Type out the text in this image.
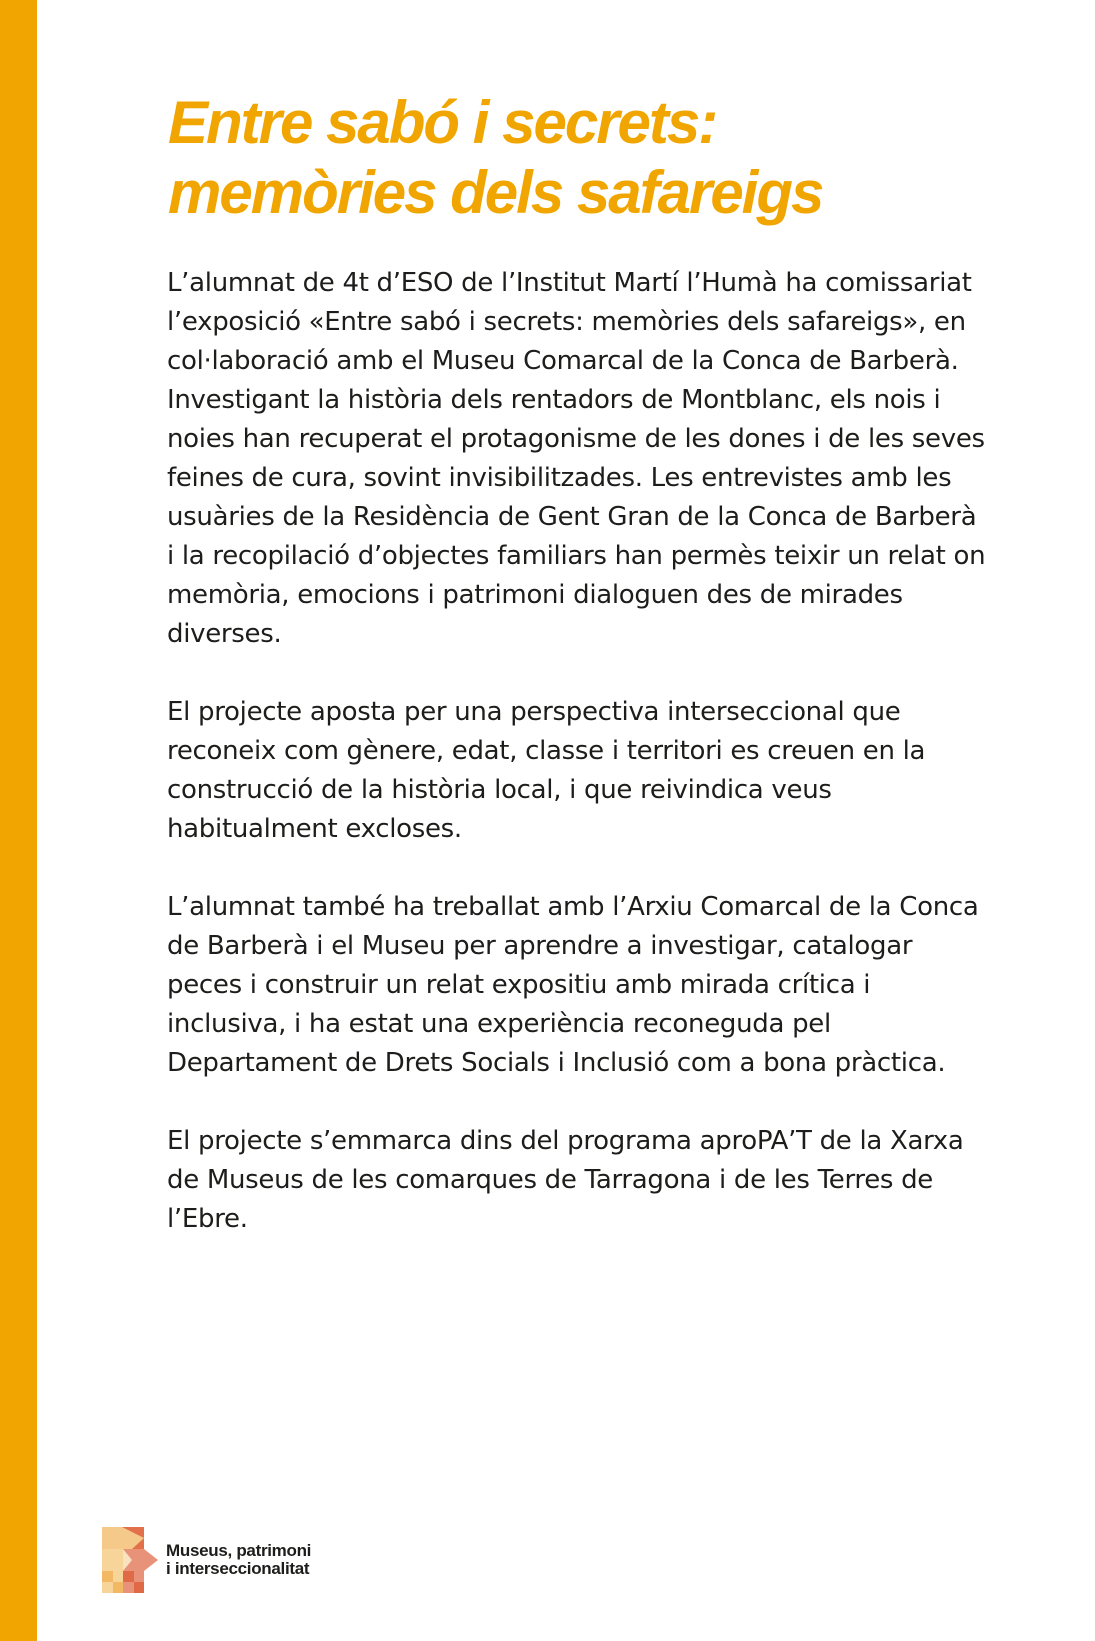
Entre sabó i secrets:
memòries dels safareigs

L’alumnat de 4t d’ESO de l’Institut Martí l’Humà ha comissariat l’exposició «Entre sabó i secrets: memòries dels safareigs», en col·laboració amb el Museu Comarcal de la Conca de Barberà. Investigant la història dels rentadors de Montblanc, els nois i noies han recuperat el protagonisme de les dones i de les seves feines de cura, sovint invisibilitzades. Les entrevistes amb les usuàries de la Residència de Gent Gran de la Conca de Barberà i la recopilació d’objectes familiars han permès teixir un relat on memòria, emocions i patrimoni dialoguen des de mirades diverses.

El projecte aposta per una perspectiva interseccional que reconeix com gènere, edat, classe i territori es creuen en la construcció de la història local, i que reivindica veus habitualment excloses.

L’alumnat també ha treballat amb l’Arxiu Comarcal de la Conca de Barberà i el Museu per aprendre a investigar, catalogar peces i construir un relat expositiu amb mirada crítica i inclusiva, i ha estat una experiència reconeguda pel Departament de Drets Socials i Inclusió com a bona pràctica.

El projecte s’emmarca dins del programa aproPA’T de la Xarxa de Museus de les comarques de Tarragona i de les Terres de l’Ebre.

Museus, patrimoni
i interseccionalitat
